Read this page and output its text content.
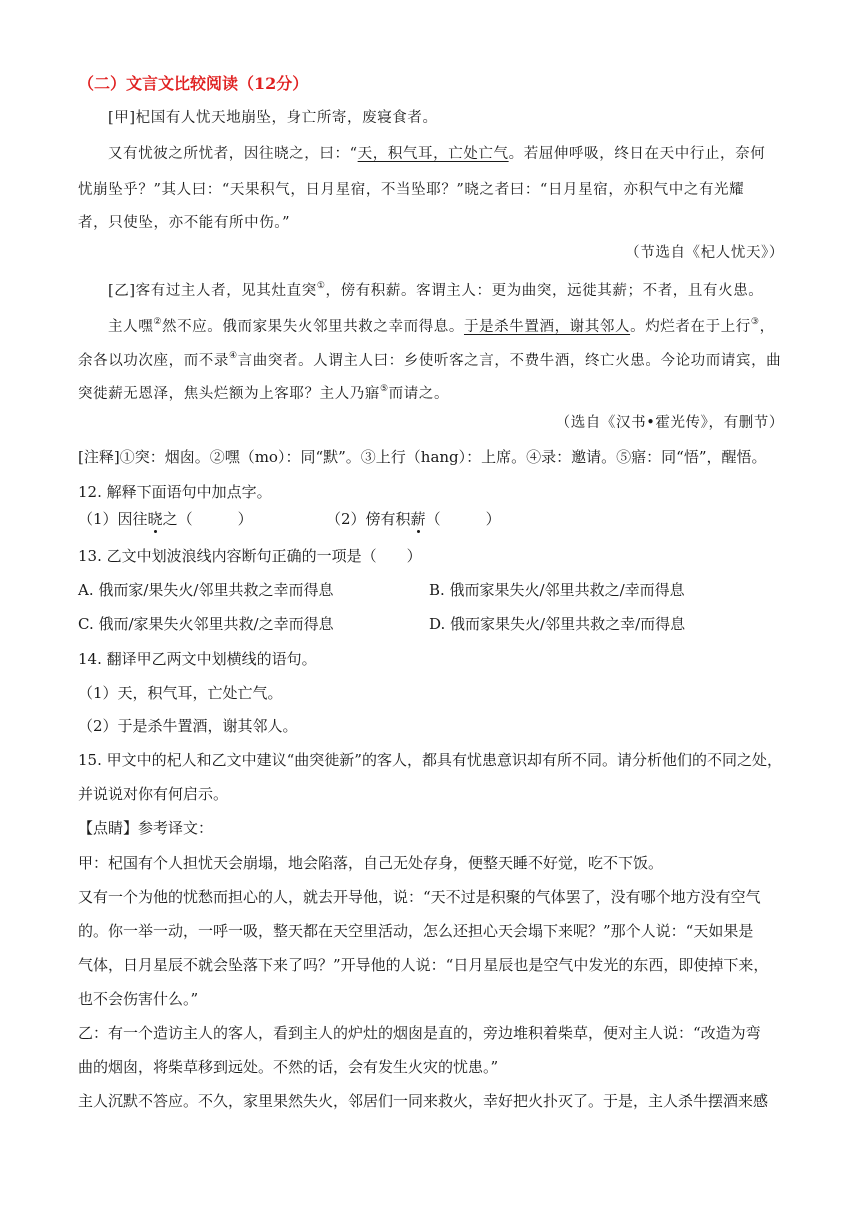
（二）文言文比较阅读（12分）
[甲]杞国有人忧天地崩坠，身亡所寄，废寝食者。
又有忧彼之所忧者，因往晓之，曰：“天，积气耳，亡处亡气。若屈伸呼吸，终日在天中行止，奈何
忧崩坠乎？”其人曰：“天果积气，日月星宿，不当坠耶？”晓之者曰：“日月星宿，亦积气中之有光耀
者，只使坠，亦不能有所中伤。”
（节选自《杞人忧天》）
[乙]客有过主人者，见其灶直突①，傍有积薪。客谓主人：更为曲突，远徙其薪；不者，且有火患。
主人嘿②然不应。俄而家果失火邻里共救之幸而得息。于是杀牛置酒，谢其邻人。灼烂者在于上行③，
余各以功次座，而不录④言曲突者。人谓主人曰：乡使听客之言，不费牛酒，终亡火患。今论功而请宾，曲
突徙薪无恩泽，焦头烂额为上客耶？主人乃寤⑤而请之。
（选自《汉书•霍光传》，有删节）
[注释]①突：烟囱。②嘿（mo）：同“默”。③上行（hang）：上席。④录：邀请。⑤寤：同“悟”，醒悟。
12. 解释下面语句中加点字。
（1）因往晓之（　　　）	（2）傍有积薪（　　　）
13. 乙文中划波浪线内容断句正确的一项是（　　）
A. 俄而家/果失火/邻里共救之幸而得息	B. 俄而家果失火/邻里共救之/幸而得息
C. 俄而/家果失火邻里共救/之幸而得息	D. 俄而家果失火/邻里共救之幸/而得息
14. 翻译甲乙两文中划横线的语句。
（1）天，积气耳，亡处亡气。
（2）于是杀牛置酒，谢其邻人。
15. 甲文中的杞人和乙文中建议“曲突徙新”的客人，都具有忧患意识却有所不同。请分析他们的不同之处，
并说说对你有何启示。
【点睛】参考译文：
甲：杞国有个人担忧天会崩塌，地会陷落，自己无处存身，便整天睡不好觉，吃不下饭。
又有一个为他的忧愁而担心的人，就去开导他，说：“天不过是积聚的气体罢了，没有哪个地方没有空气
的。你一举一动，一呼一吸，整天都在天空里活动，怎么还担心天会塌下来呢？”那个人说：“天如果是
气体，日月星辰不就会坠落下来了吗？”开导他的人说：“日月星辰也是空气中发光的东西，即使掉下来，
也不会伤害什么。”
乙：有一个造访主人的客人，看到主人的炉灶的烟囱是直的，旁边堆积着柴草，便对主人说：“改造为弯
曲的烟囱，将柴草移到远处。不然的话，会有发生火灾的忧患。”
主人沉默不答应。不久，家里果然失火，邻居们一同来救火，幸好把火扑灭了。于是，主人杀牛摆酒来感
